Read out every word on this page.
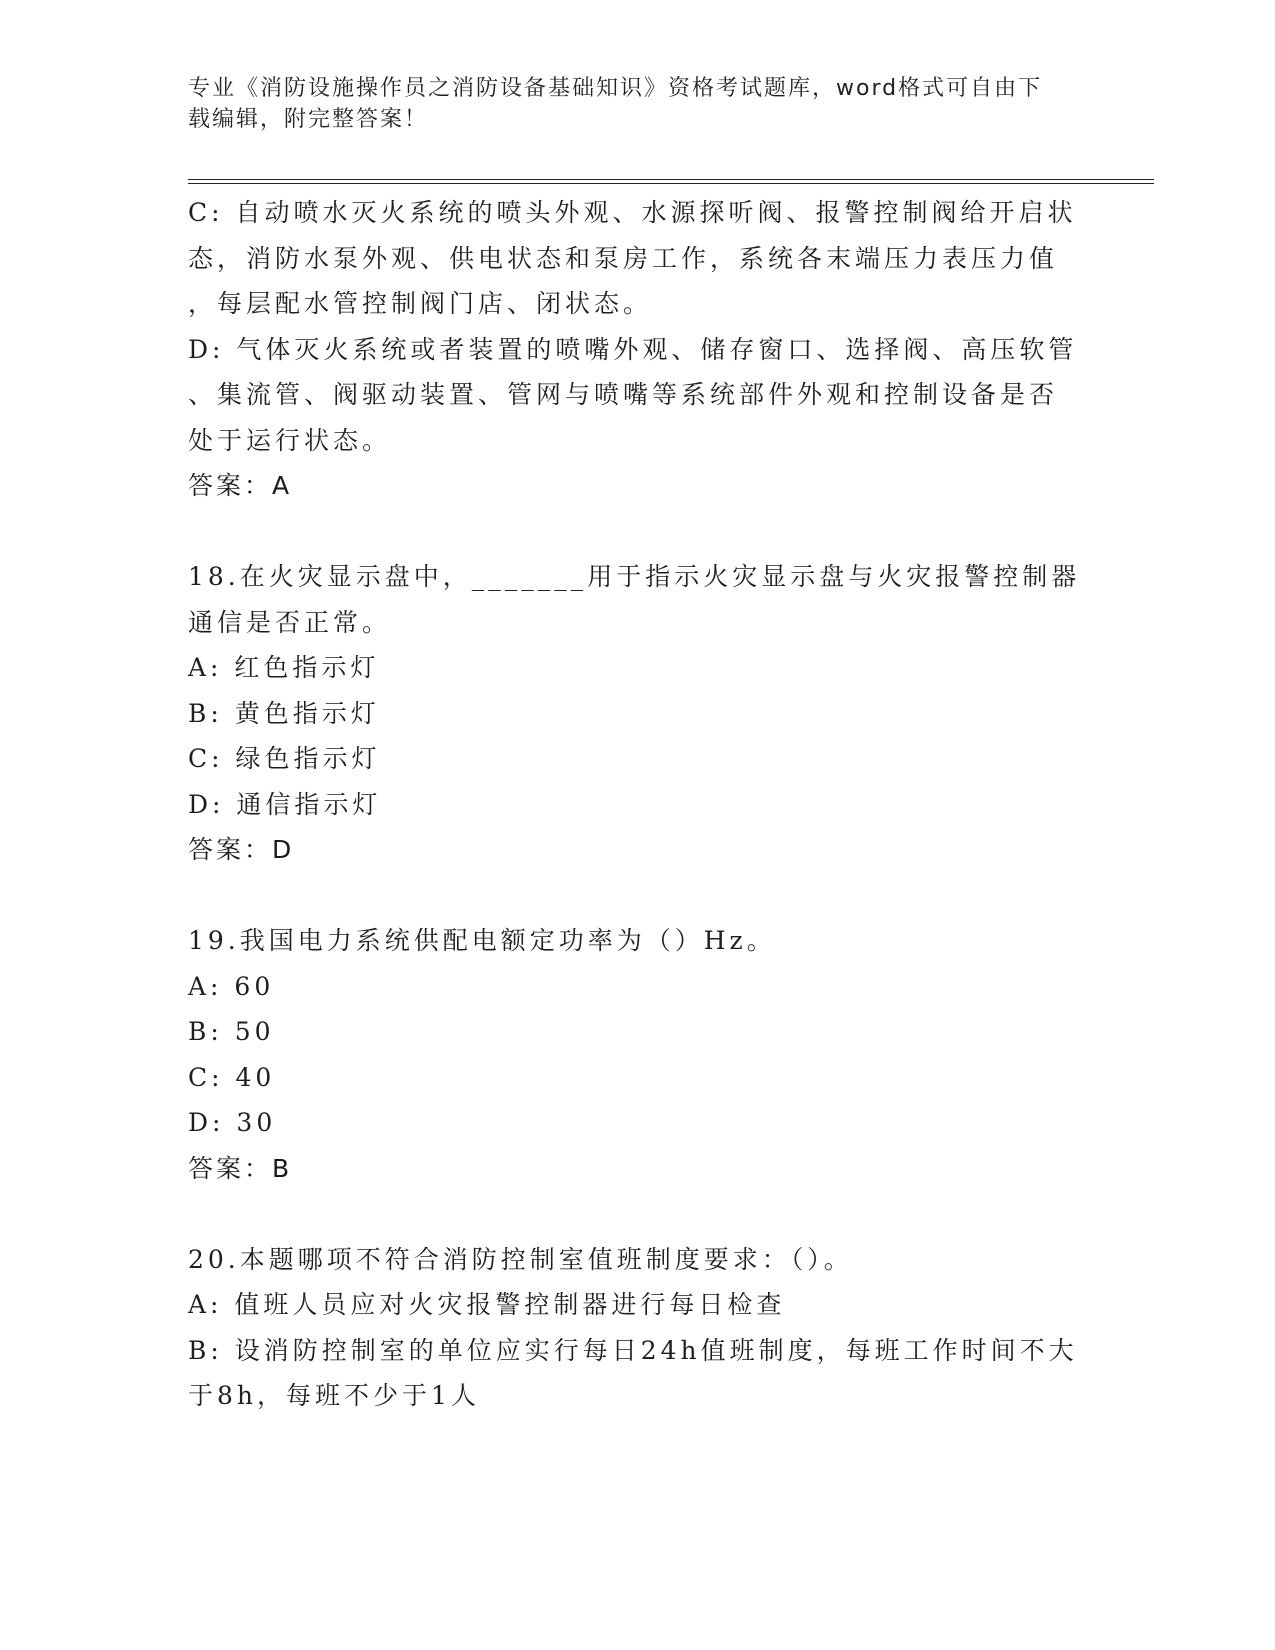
专业《消防设施操作员之消防设备基础知识》资格考试题库，word格式可自由下
载编辑，附完整答案！
C: 自动喷水灭火系统的喷头外观、水源探听阀、报警控制阀给开启状
态，消防水泵外观、供电状态和泵房工作，系统各末端压力表压力值
，每层配水管控制阀门店、闭状态。
D: 气体灭火系统或者装置的喷嘴外观、储存窗口、选择阀、高压软管
、集流管、阀驱动装置、管网与喷嘴等系统部件外观和控制设备是否
处于运行状态。
答案：A
18.在火灾显示盘中，_______用于指示火灾显示盘与火灾报警控制器
通信是否正常。
A: 红色指示灯
B: 黄色指示灯
C: 绿色指示灯
D: 通信指示灯
答案：D
19.我国电力系统供配电额定功率为（）Hz。
A: 60
B: 50
C: 40
D: 30
答案：B
20.本题哪项不符合消防控制室值班制度要求：（）。
A: 值班人员应对火灾报警控制器进行每日检查
B: 设消防控制室的单位应实行每日24h值班制度，每班工作时间不大
于8h，每班不少于1人
